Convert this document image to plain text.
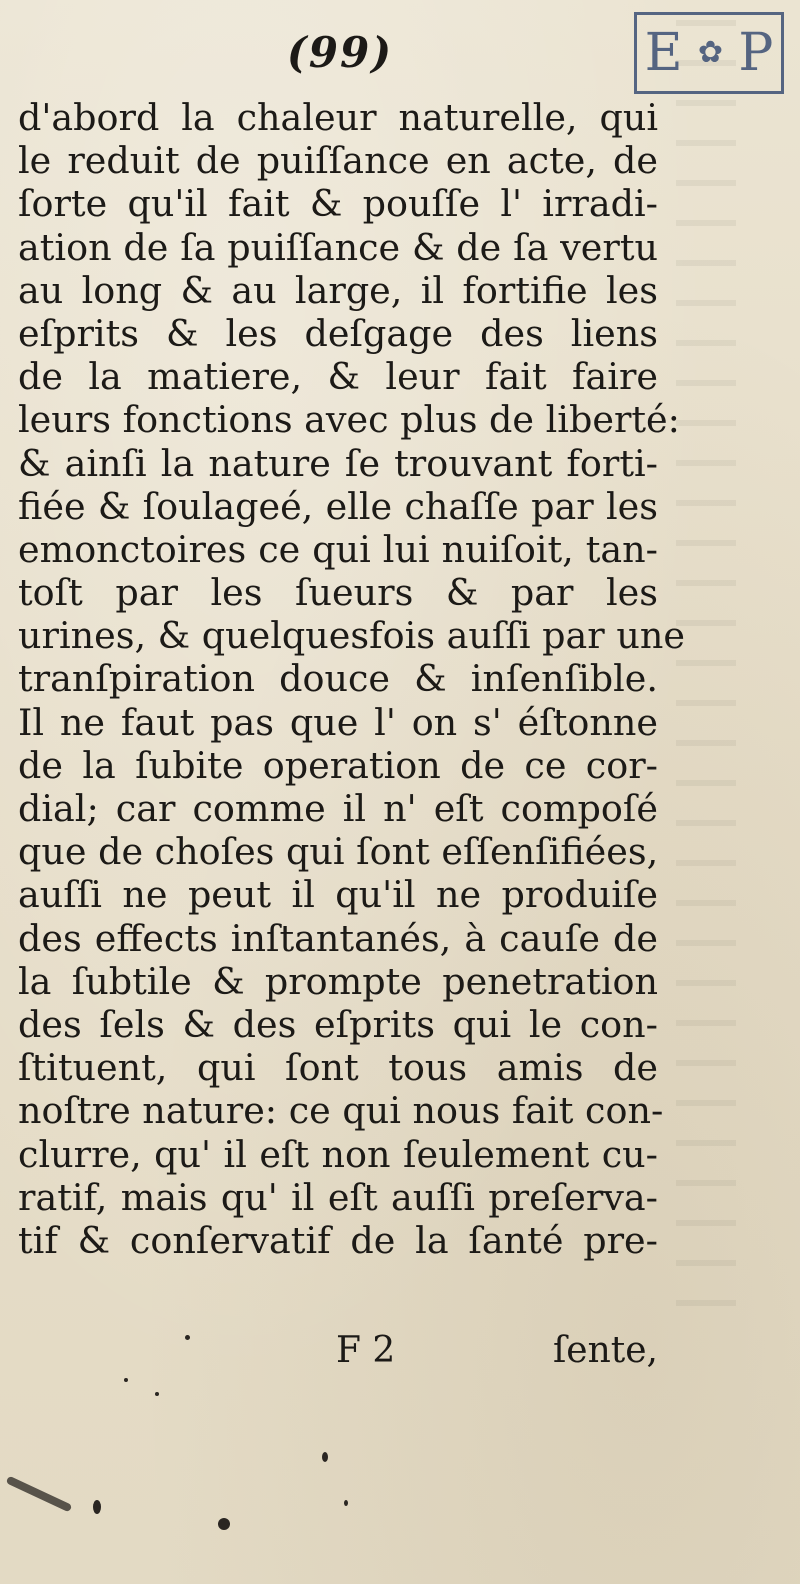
(99)	E ✿ P
d'abord la chaleur naturelle, qui
le reduit de puiſſance en acte, de
ſorte qu'il fait & pouſſe l' irradi-
ation de ſa puiſſance & de ſa vertu
au long & au large, il fortifie les
eſprits & les deſgage des liens
de la matiere, & leur fait faire
leurs fonctions avec plus de liberté:
& ainſi la nature ſe trouvant forti-
fiée & ſoulageé, elle chaſſe par les
emonctoires ce qui lui nuiſoit, tan-
toſt par les ſueurs & par les
urines, & quelquesfois auſſi par une
tranſpiration douce & inſenſible.
Il ne faut pas que l' on s' éſtonne
de la ſubite operation de ce cor-
dial; car comme il n' eſt compoſé
que de choſes qui ſont eſſenſifiées,
auſſi ne peut il qu'il ne produiſe
des effects inſtantanés, à cauſe de
la ſubtile & prompte penetration
des ſels & des eſprits qui le con-
ſtituent, qui ſont tous amis de
noſtre nature: ce qui nous fait con-
clurre, qu' il eſt non ſeulement cu-
ratif, mais qu' il eſt auſſi preſerva-
tif & conſervatif de la ſanté pre-
F 2	ſente,
